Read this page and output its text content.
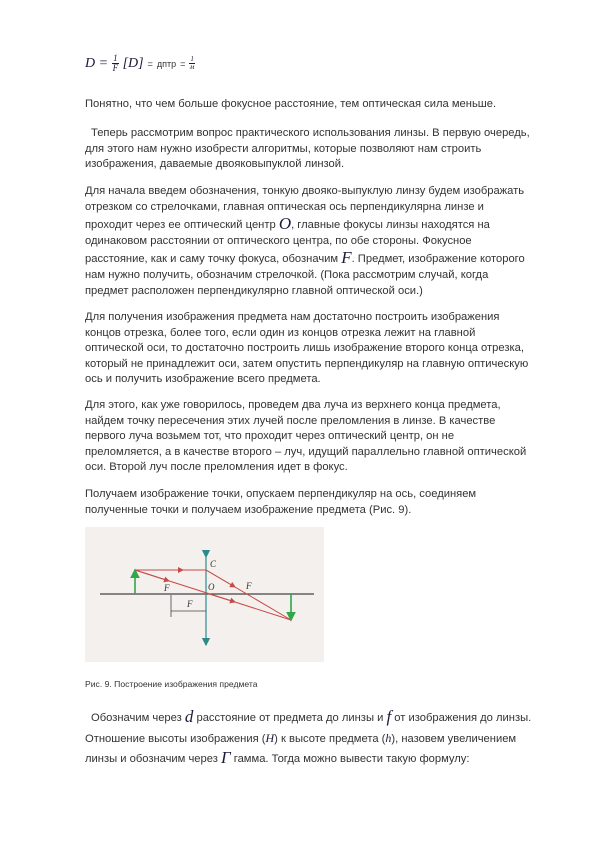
$D = \frac{1}{F} [D]$ = дптр = $\frac{1}{м}$
Понятно, что чем больше фокусное расстояние, тем оптическая сила меньше.
Теперь рассмотрим вопрос практического использования линзы. В первую очередь,
для этого нам нужно изобрести алгоритмы, которые позволяют нам строить
изображения, даваемые двояковыпуклой линзой.
Для начала введем обозначения, тонкую двояко-выпуклую линзу будем изображать
отрезком со стрелочками, главная оптическая ось перпендикулярна линзе и
проходит через ее оптический центр O, главные фокусы линзы находятся на
одинаковом расстоянии от оптического центра, по обе стороны. Фокусное
расстояние, как и саму точку фокуса, обозначим F. Предмет, изображение которого
нам нужно получить, обозначим стрелочкой. (Пока рассмотрим случай, когда
предмет расположен перпендикулярно главной оптической оси.)
Для получения изображения предмета нам достаточно построить изображения
концов отрезка, более того, если один из концов отрезка лежит на главной
оптической оси, то достаточно построить лишь изображение второго конца отрезка,
который не принадлежит оси, затем опустить перпендикуляр на главную оптическую
ось и получить изображение всего предмета.
Для этого, как уже говорилось, проведем два луча из верхнего конца предмета,
найдем точку пересечения этих лучей после преломления в линзе. В качестве
первого луча возьмем тот, что проходит через оптический центр, он не
преломляется, а в качестве второго – луч, идущий параллельно главной оптической
оси. Второй луч после преломления идет в фокус.
Получаем изображение точки, опускаем перпендикуляр на ось, соединяем
полученные точки и получаем изображение предмета (Рис. 9).
C
O
F	F
F
Рис. 9. Построение изображения предмета
Обозначим через d расстояние от предмета до линзы и f от изображения до линзы.
Отношение высоты изображения (H) к высоте предмета (h), назовем увеличением
линзы и обозначим через Г гамма. Тогда можно вывести такую формулу:
